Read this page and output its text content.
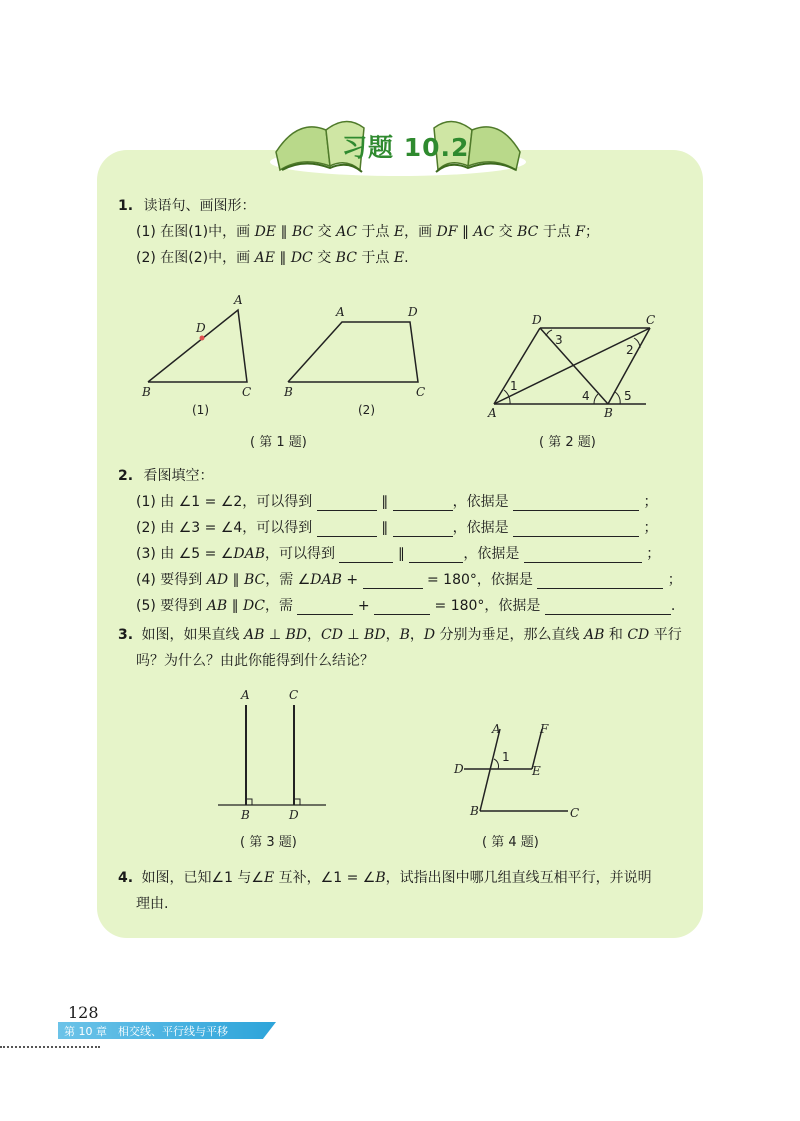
习题 10.2
1. 读语句、画图形：
(1) 在图(1)中，画 DE ∥ BC 交 AC 于点 E，画 DF ∥ AC 交 BC 于点 F；
(2) 在图(2)中，画 AE ∥ DC 交 BC 于点 E.
A
D
B	C
(1)
A	D
B	C
(2)
( 第 1 题)
D	C
A	B
1
2
3
4	5
( 第 2 题)
2. 看图填空：
(1) 由 ∠1 = ∠2，可以得到	∥	，依据是	；
(2) 由 ∠3 = ∠4，可以得到	∥	，依据是	；
(3) 由 ∠5 = ∠DAB，可以得到	∥	，依据是	；
(4) 要得到 AD ∥ BC，需 ∠DAB +	= 180°，依据是	；
(5) 要得到 AB ∥ DC，需	+	= 180°，依据是	.
3. 如图，如果直线 AB ⊥ BD，CD ⊥ BD，B，D 分别为垂足，那么直线 AB 和 CD 平行
吗？为什么？由此你能得到什么结论？
A	C
B	D
( 第 3 题)
A	F
D	E
B	C
1
( 第 4 题)
4. 如图，已知∠1 与∠E 互补，∠1 = ∠B，试指出图中哪几组直线互相平行，并说明
理由.
128
第 10 章　相交线、平行线与平移
